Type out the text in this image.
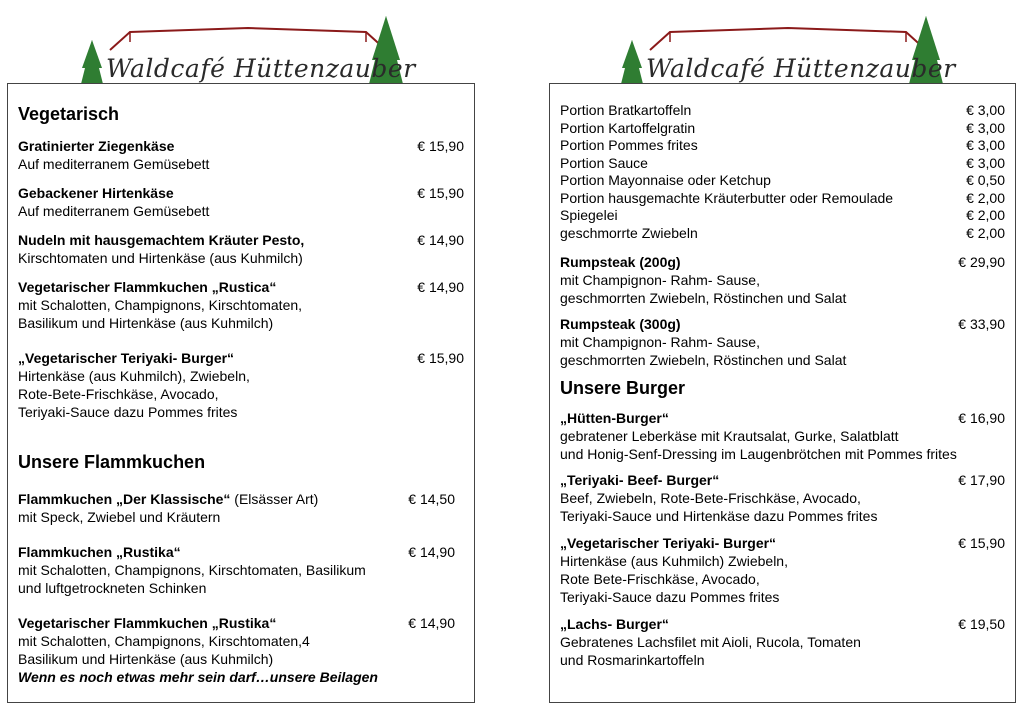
Waldcafé Hüttenzauber	Waldcafé Hüttenzauber
Vegetarisch
Gratinierter Ziegenkäse
Auf mediterranem Gemüsebett
€ 15,90
Gebackener Hirtenkäse
Auf mediterranem Gemüsebett
€ 15,90
Nudeln mit hausgemachtem Kräuter Pesto,
Kirschtomaten und Hirtenkäse (aus Kuhmilch)
€ 14,90
Vegetarischer Flammkuchen „Rustica“
mit Schalotten, Champignons, Kirschtomaten,
Basilikum und Hirtenkäse (aus Kuhmilch)
€ 14,90
„Vegetarischer Teriyaki- Burger“
Hirtenkäse (aus Kuhmilch), Zwiebeln,
Rote-Bete-Frischkäse, Avocado,
Teriyaki-Sauce dazu Pommes frites
€ 15,90
Unsere Flammkuchen
Flammkuchen „Der Klassische“ (Elsässer Art)
mit Speck, Zwiebel und Kräutern
€ 14,50
Flammkuchen „Rustika“
mit Schalotten, Champignons, Kirschtomaten, Basilikum
und luftgetrockneten Schinken
€ 14,90
Vegetarischer Flammkuchen „Rustika“
mit Schalotten, Champignons, Kirschtomaten,4
Basilikum und Hirtenkäse (aus Kuhmilch)
€ 14,90
Wenn es noch etwas mehr sein darf…unsere Beilagen
Portion Bratkartoffeln	€ 3,00
Portion Kartoffelgratin	€ 3,00
Portion Pommes frites	€ 3,00
Portion Sauce	€ 3,00
Portion Mayonnaise oder Ketchup	€ 0,50
Portion hausgemachte Kräuterbutter oder Remoulade	€ 2,00
Spiegelei	€ 2,00
geschmorrte Zwiebeln	€ 2,00
Rumpsteak (200g)
mit Champignon- Rahm- Sause,
geschmorrten Zwiebeln, Röstinchen und Salat
€ 29,90
Rumpsteak (300g)
mit Champignon- Rahm- Sause,
geschmorrten Zwiebeln, Röstinchen und Salat
€ 33,90
Unsere Burger
„Hütten-Burger“
gebratener Leberkäse mit Krautsalat, Gurke, Salatblatt
und Honig-Senf-Dressing im Laugenbrötchen mit Pommes frites
€ 16,90
„Teriyaki- Beef- Burger“
Beef, Zwiebeln, Rote-Bete-Frischkäse, Avocado,
Teriyaki-Sauce und Hirtenkäse dazu Pommes frites
€ 17,90
„Vegetarischer Teriyaki- Burger“
Hirtenkäse (aus Kuhmilch) Zwiebeln,
Rote Bete-Frischkäse, Avocado,
Teriyaki-Sauce dazu Pommes frites
€ 15,90
„Lachs- Burger“
Gebratenes Lachsfilet mit Aioli, Rucola, Tomaten
und Rosmarinkartoffeln
€ 19,50
